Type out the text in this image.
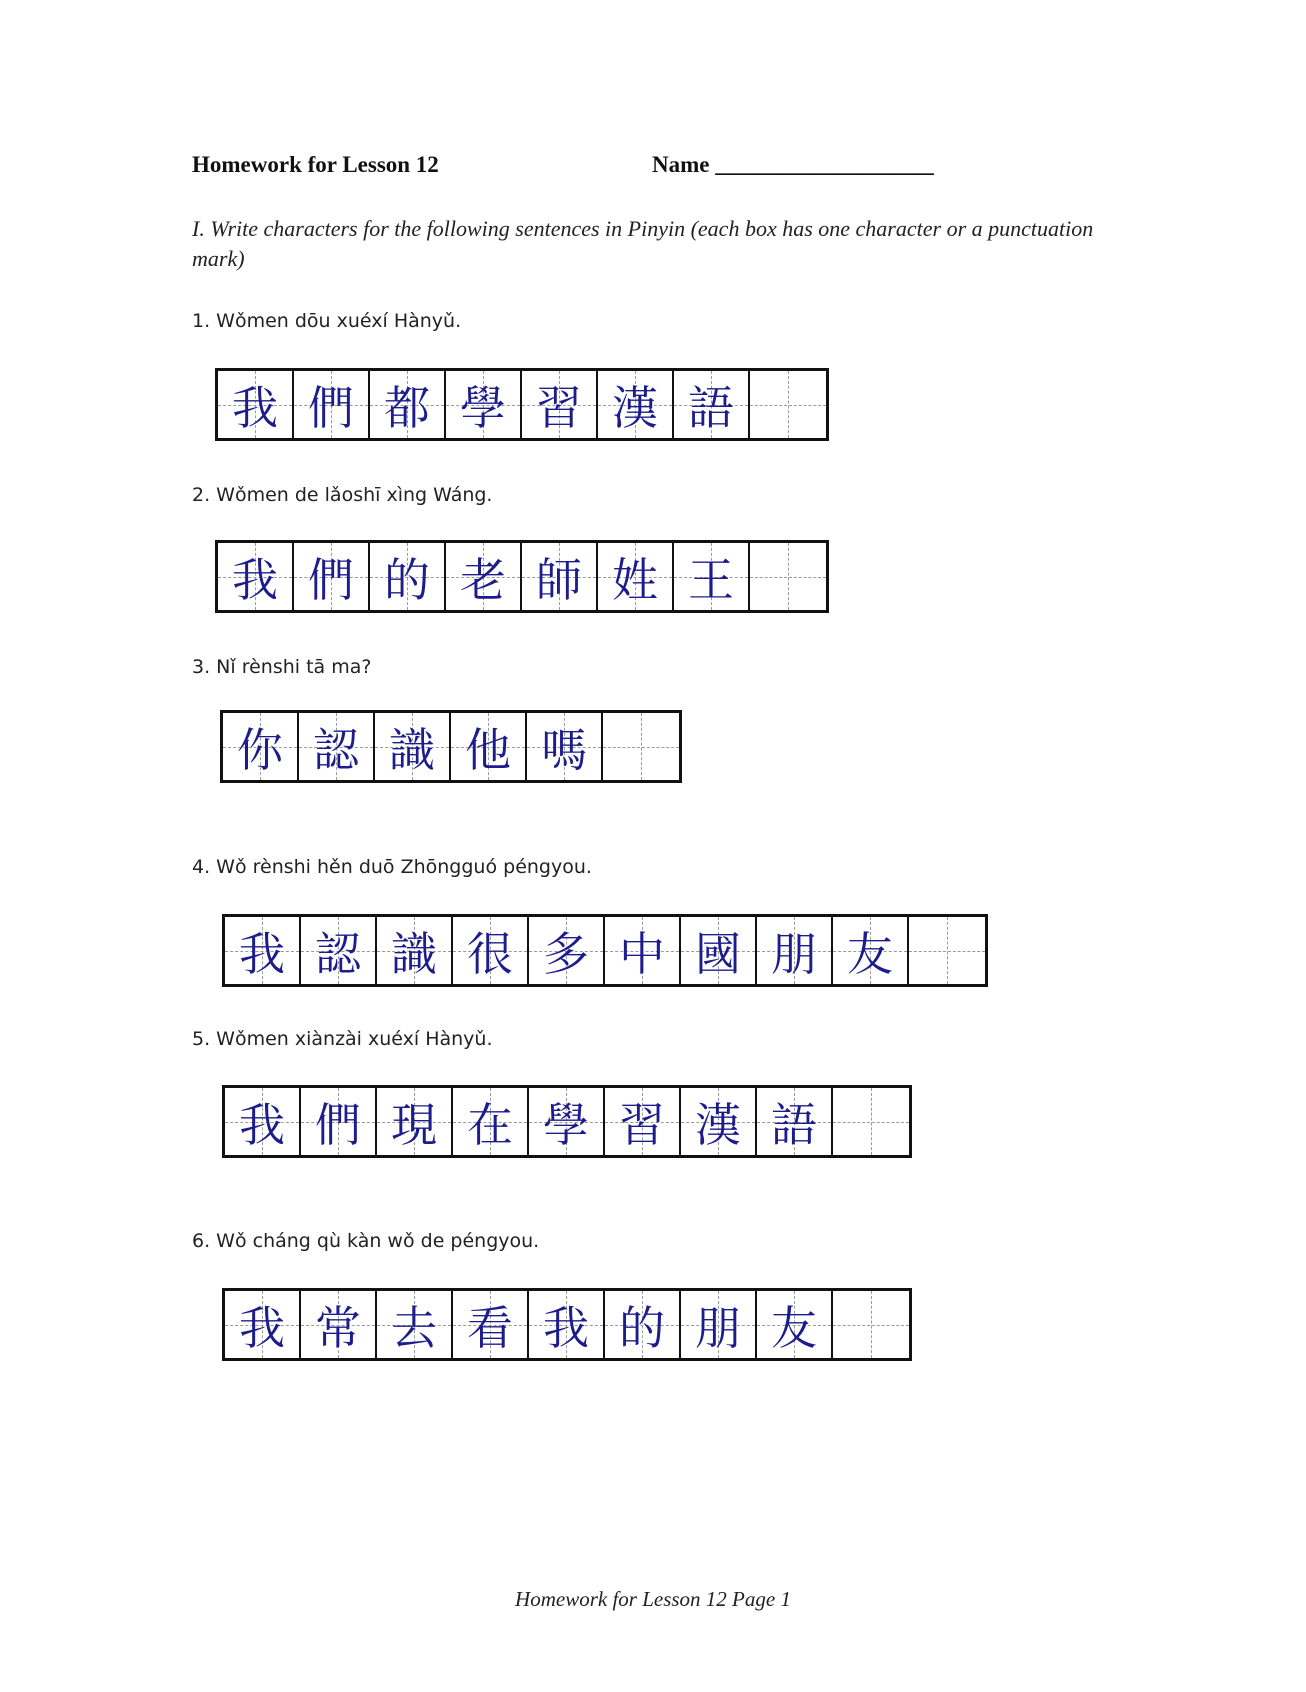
Homework for Lesson 12	Name ___________________
I. Write characters for the following sentences in Pinyin (each box has one character or a punctuation mark)
1. Wǒmen dōu xuéxí Hànyǔ.
我 們 都 學 習 漢 語
2. Wǒmen de lǎoshī xìng Wáng.
我 們 的 老 師 姓 王
3. Nǐ rènshi tā ma?
你 認 識 他 嗎
4. Wǒ rènshi hěn duō Zhōngguó péngyou.
我 認 識 很 多 中 國 朋 友
5. Wǒmen xiànzài xuéxí Hànyǔ.
我 們 現 在 學 習 漢 語
6. Wǒ cháng qù kàn wǒ de péngyou.
我 常 去 看 我 的 朋 友
Homework for Lesson 12 Page 1
